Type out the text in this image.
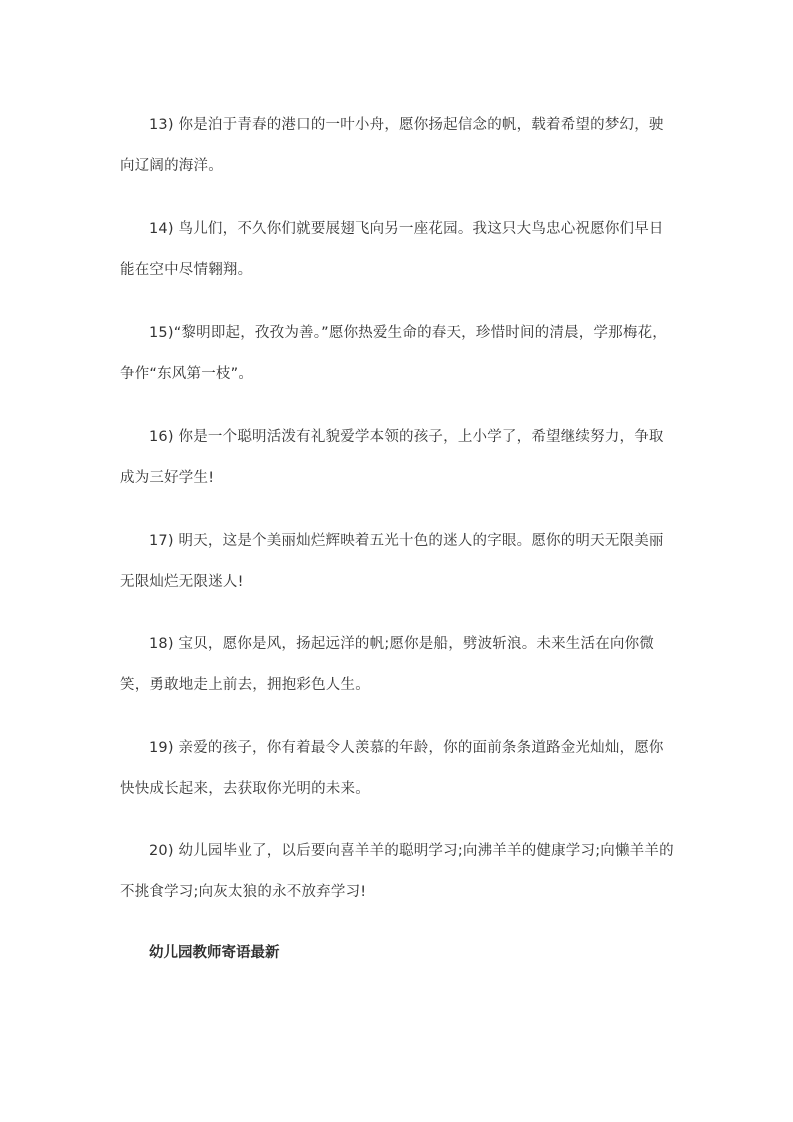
13) 你是泊于青春的港口的一叶小舟，愿你扬起信念的帆，载着希望的梦幻，驶向辽阔的海洋。

14) 鸟儿们，不久你们就要展翅飞向另一座花园。我这只大鸟忠心祝愿你们早日能在空中尽情翱翔。

15)“黎明即起，孜孜为善。”愿你热爱生命的春天，珍惜时间的清晨，学那梅花，争作“东风第一枝”。

16) 你是一个聪明活泼有礼貌爱学本领的孩子，上小学了，希望继续努力，争取成为三好学生!

17) 明天，这是个美丽灿烂辉映着五光十色的迷人的字眼。愿你的明天无限美丽无限灿烂无限迷人!

18) 宝贝，愿你是风，扬起远洋的帆;愿你是船，劈波斩浪。未来生活在向你微笑，勇敢地走上前去，拥抱彩色人生。

19) 亲爱的孩子，你有着最令人羡慕的年龄，你的面前条条道路金光灿灿，愿你快快成长起来，去获取你光明的未来。

20) 幼儿园毕业了，以后要向喜羊羊的聪明学习;向沸羊羊的健康学习;向懒羊羊的不挑食学习;向灰太狼的永不放弃学习!

幼儿园教师寄语最新
